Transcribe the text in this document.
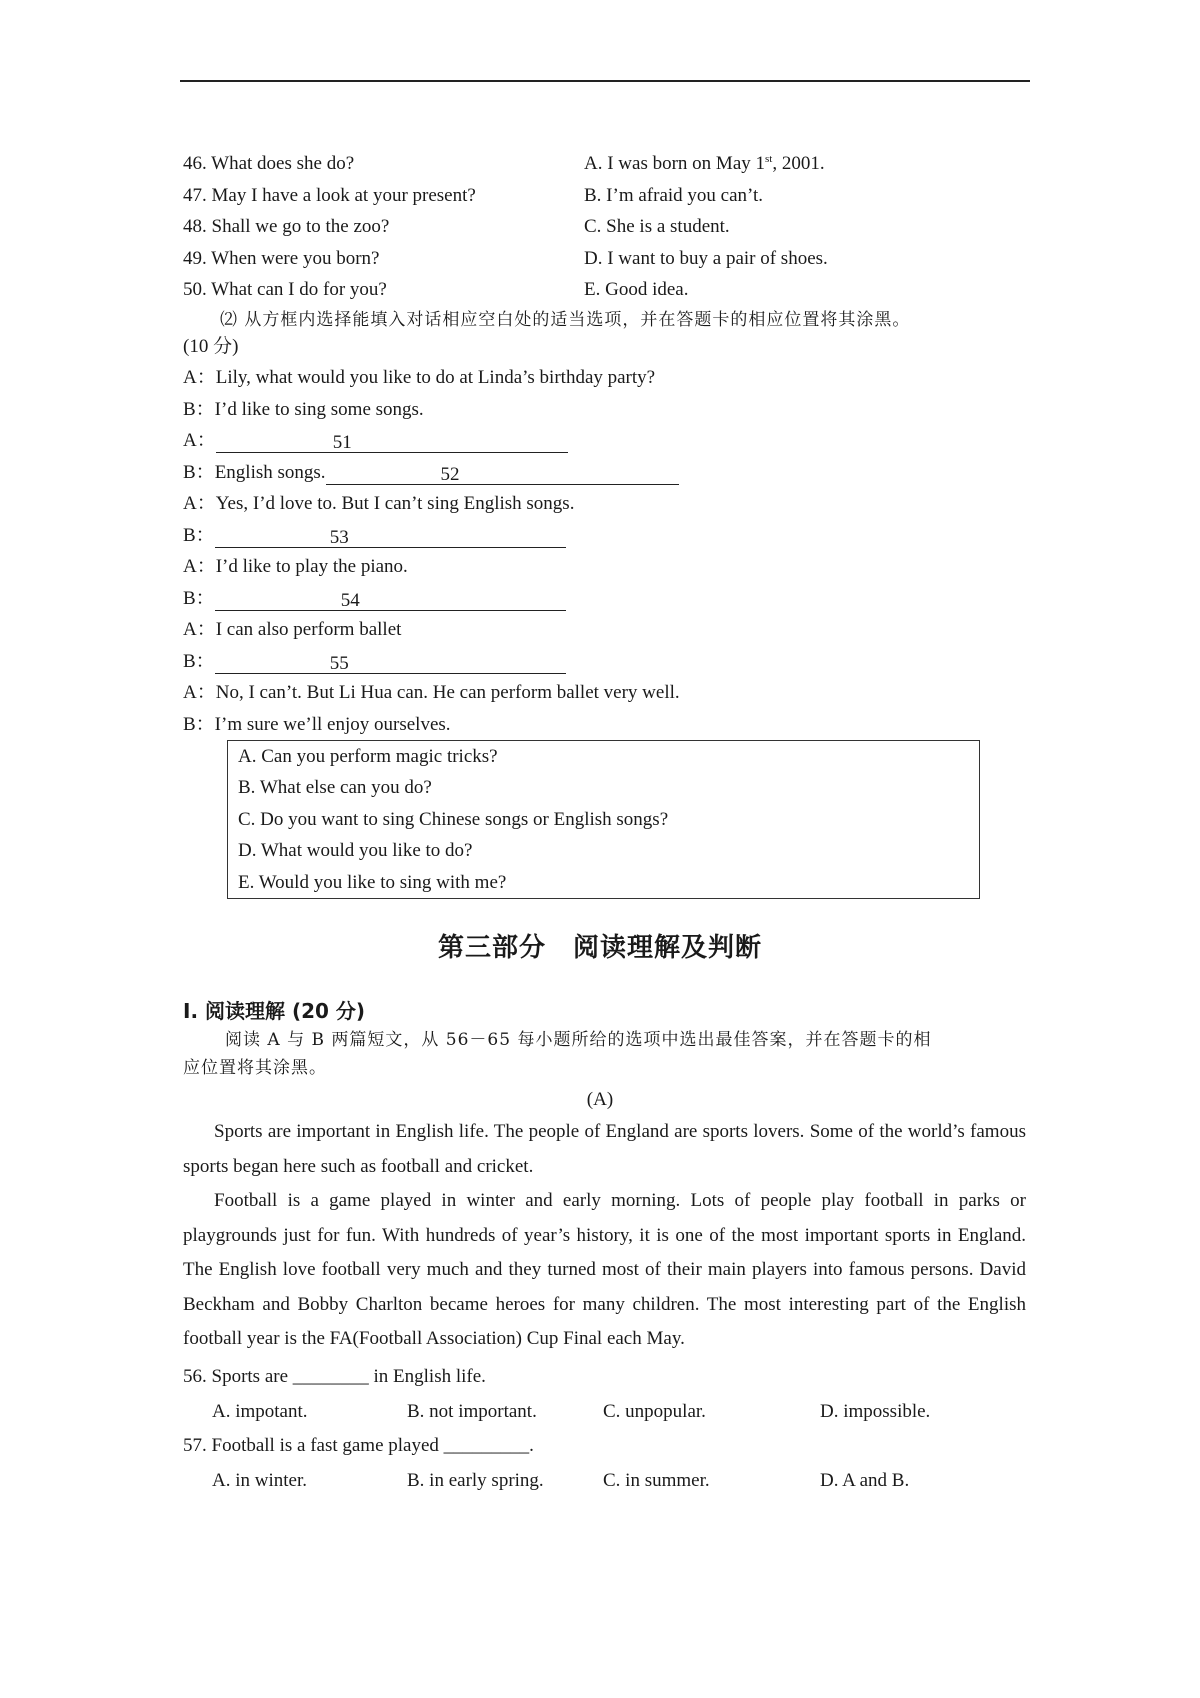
46. What does she do?	A. I was born on May 1st, 2001.
47. May I have a look at your present?	B. I’m afraid you can’t.
48. Shall we go to the zoo?	C. She is a student.
49. When were you born?	D. I want to buy a pair of shoes.
50. What can I do for you?	E. Good idea.
⑵ 从方框内选择能填入对话相应空白处的适当选项，并在答题卡的相应位置将其涂黑。
(10 分)
A：Lily, what would you like to do at Linda’s birthday party?
B：I’d like to sing some songs.
A：	51
B：English songs.	52
A：Yes, I’d love to. But I can’t sing English songs.
B：	53
A：I’d like to play the piano.
B：	54
A：I can also perform ballet
B：	55
A：No, I can’t. But Li Hua can. He can perform ballet very well.
B：I’m sure we’ll enjoy ourselves.
A. Can you perform magic tricks?
B. What else can you do?
C. Do you want to sing Chinese songs or English songs?
D. What would you like to do?
E. Would you like to sing with me?
第三部分　阅读理解及判断
Ⅰ. 阅读理解 (20 分)
阅读 A 与 B 两篇短文，从 56－65 每小题所给的选项中选出最佳答案，并在答题卡的相
应位置将其涂黑。
(A)
Sports are important in English life. The people of England are sports lovers. Some of the world’s famous sports began here such as football and cricket.
Football is a game played in winter and early morning. Lots of people play football in parks or playgrounds just for fun. With hundreds of year’s history, it is one of the most important sports in England. The English love football very much and they turned most of their main players into famous persons. David Beckham and Bobby Charlton became heroes for many children. The most interesting part of the English football year is the FA(Football Association) Cup Final each May.
56. Sports are ________ in English life.
A. impotant.	B. not important.	C. unpopular.	D. impossible.
57. Football is a fast game played _________.
A. in winter.	B. in early spring.	C. in summer.	D. A and B.
